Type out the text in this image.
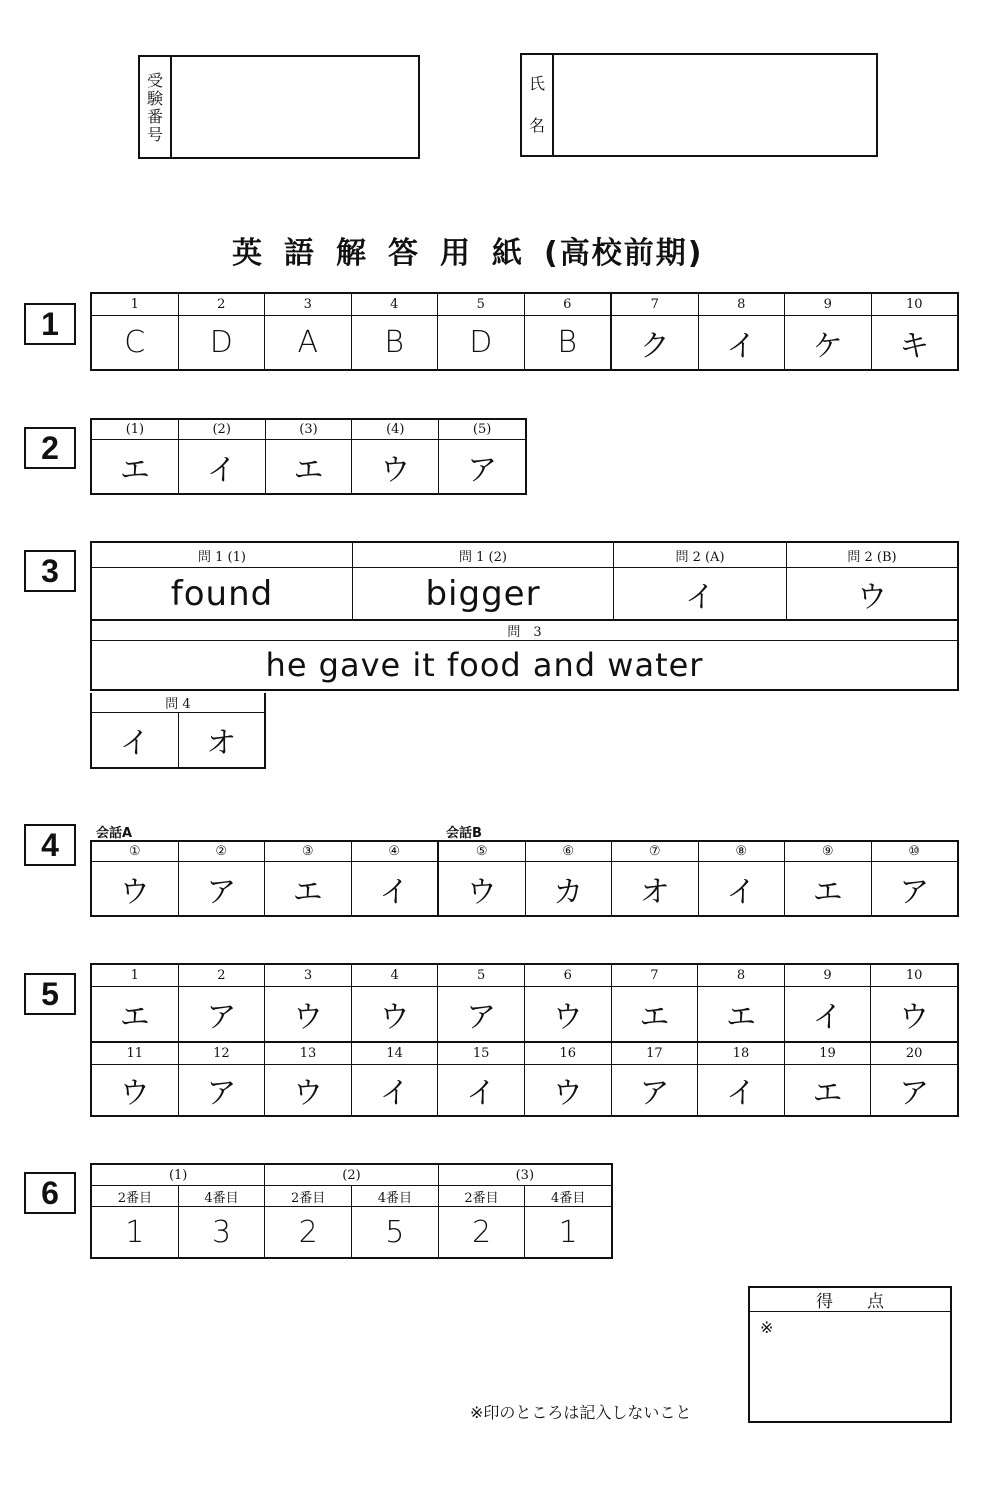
受
験
番
号
氏
名
英語解答用紙(高校前期)
1
1	2	3	4	5	6	7	8	9	10
C	D	A	B	D	B	ク	イ	ケ	キ
2	(1)	(2)	(3)	(4)	(5)
エ	イ	エ	ウ	ア
3	問 1 (1)	問 1 (2)	問 2 (A)	問 2 (B)
found	bigger	イ	ウ
問　3
he gave it food and water
問 4
イ	オ
4	会話A	会話B
①	②	③	④	⑤	⑥	⑦	⑧	⑨	⑩
ウ	ア	エ	イ	ウ	カ	オ	イ	エ	ア
5	1	2	3	4	5	6	7	8	9	10
エ	ア	ウ	ウ	ア	ウ	エ	エ	イ	ウ
11	12	13	14	15	16	17	18	19	20
ウ	ア	ウ	イ	イ	ウ	ア	イ	エ	ア
6	(1)	(2)	(3)
2番目	4番目	2番目	4番目	2番目	4番目
1	3	2	5	2	1
得　　点
※
※印のところは記入しないこと
